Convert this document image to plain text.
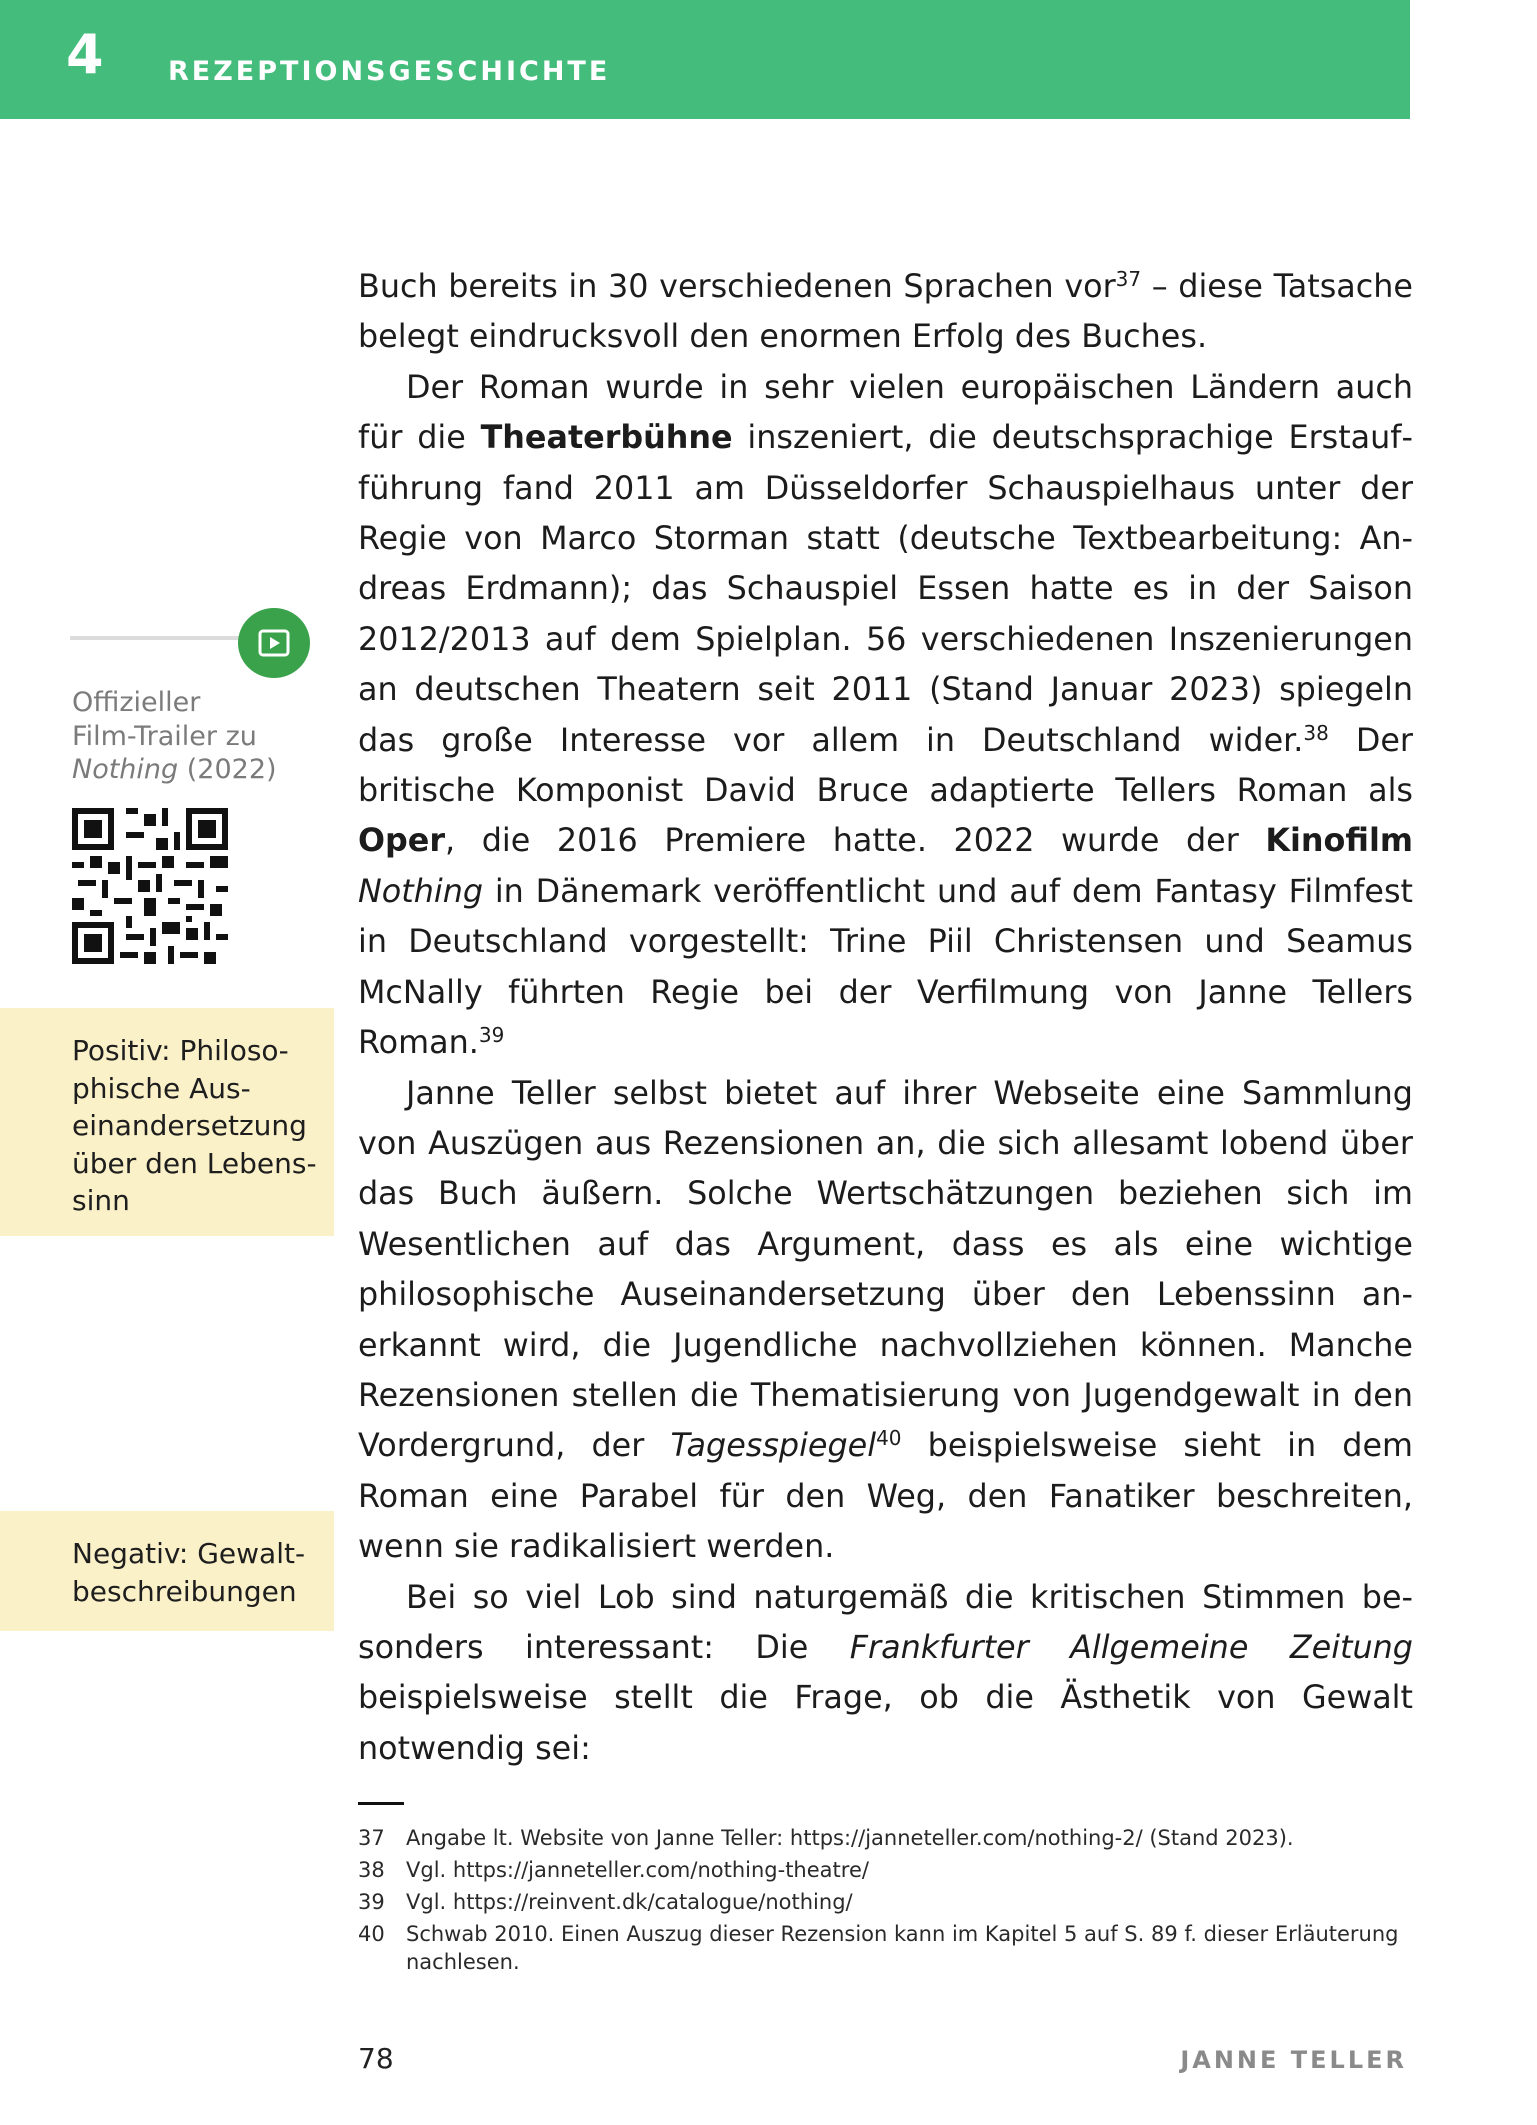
4 REZEPTIONSGESCHICHTE
Offizieller
Film-Trailer zu
Nothing (2022)
Positiv: Philosophische Auseinandersetzung über den Lebenssinn
Negativ: Gewaltbeschreibungen

Buch bereits in 30 verschiedenen Sprachen vor$^{37}$ – diese Tatsache belegt eindrucksvoll den enormen Erfolg des Buches.

Der Roman wurde in sehr vielen europäischen Ländern auch für die Theaterbühne inszeniert, die deutschsprachige Erstaufführung fand 2011 am Düsseldorfer Schauspielhaus unter der Regie von Marco Storman statt (deutsche Textbearbeitung: Andreas Erdmann); das Schauspiel Essen hatte es in der Saison 2012/2013 auf dem Spielplan. 56 verschiedenen Inszenierungen an deutschen Theatern seit 2011 (Stand Januar 2023) spiegeln das große Interesse vor allem in Deutschland wider.$^{38}$ Der britische Komponist David Bruce adaptierte Tellers Roman als Oper, die 2016 Premiere hatte. 2022 wurde der Kinofilm Nothing in Dänemark veröffentlicht und auf dem Fantasy Filmfest in Deutschland vorgestellt: Trine Piil Christensen und Seamus McNally führten Regie bei der Verfilmung von Janne Tellers Roman.$^{39}$

Janne Teller selbst bietet auf ihrer Webseite eine Sammlung von Auszügen aus Rezensionen an, die sich allesamt lobend über das Buch äußern. Solche Wertschätzungen beziehen sich im Wesentlichen auf das Argument, dass es als eine wichtige philosophische Auseinandersetzung über den Lebenssinn anerkannt wird, die Jugendliche nachvollziehen können. Manche Rezensionen stellen die Thematisierung von Jugendgewalt in den Vordergrund, der Tagesspiegel$^{40}$ beispielsweise sieht in dem Roman eine Parabel für den Weg, den Fanatiker beschreiten, wenn sie radikalisiert werden.

Bei so viel Lob sind naturgemäß die kritischen Stimmen besonders interessant: Die Frankfurter Allgemeine Zeitung beispielsweise stellt die Frage, ob die Ästhetik von Gewalt notwendig sei:

37	Angabe lt. Website von Janne Teller: https://janneteller.com/nothing-2/ (Stand 2023).
38	Vgl. https://janneteller.com/nothing-theatre/
39	Vgl. https://reinvent.dk/catalogue/nothing/
40	Schwab 2010. Einen Auszug dieser Rezension kann im Kapitel 5 auf S. 89 f. dieser Erläuterung nachlesen.
78	JANNE TELLER
